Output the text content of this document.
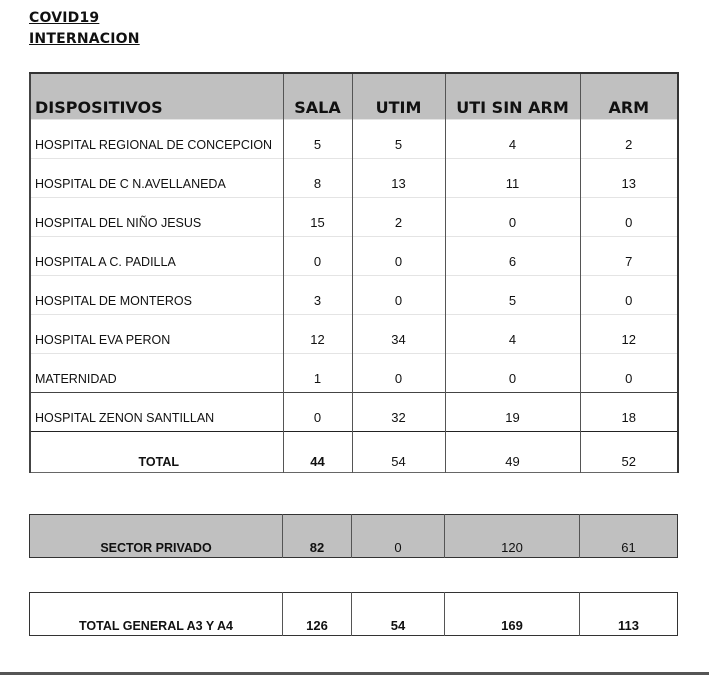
COVID19
INTERNACION
DISPOSITIVOS	SALA	UTIM	UTI SIN ARM	ARM
HOSPITAL REGIONAL DE CONCEPCION	5	5	4	2
HOSPITAL DE C N.AVELLANEDA	8	13	11	13
HOSPITAL DEL NIÑO JESUS	15	2	0	0
HOSPITAL A C. PADILLA	0	0	6	7
HOSPITAL DE MONTEROS	3	0	5	0
HOSPITAL EVA PERON	12	34	4	12
MATERNIDAD	1	0	0	0
HOSPITAL ZENON SANTILLAN	0	32	19	18
TOTAL	44	54	49	52
SECTOR PRIVADO	82	0	120	61
TOTAL GENERAL A3 Y A4	126	54	169	113
